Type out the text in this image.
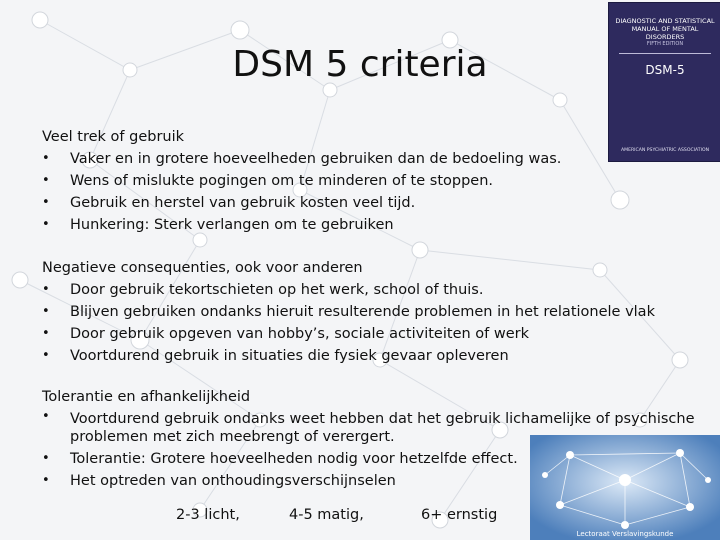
DSM 5 criteria
DIAGNOSTIC AND STATISTICAL MANUAL OF MENTAL DISORDERS
FIFTH EDITION
DSM-5
AMERICAN PSYCHIATRIC ASSOCIATION
Veel trek of gebruik
• Vaker en in grotere hoeveelheden gebruiken dan de bedoeling was.
• Wens of mislukte pogingen om te minderen of te stoppen.
• Gebruik en herstel van gebruik kosten veel tijd.
• Hunkering: Sterk verlangen om te gebruiken
Negatieve consequenties, ook voor anderen
• Door gebruik tekortschieten op het werk, school of thuis.
• Blijven gebruiken ondanks hieruit resulterende problemen in het relationele vlak
• Door gebruik opgeven van hobby’s, sociale activiteiten of werk
• Voortdurend gebruik in situaties die fysiek gevaar opleveren
Tolerantie en afhankelijkheid
• Voortdurend gebruik ondanks weet hebben dat het gebruik lichamelijke of psychische problemen met zich meebrengt of verergert.
• Tolerantie: Grotere hoeveelheden nodig voor hetzelfde effect.
• Het optreden van onthoudingsverschijnselen
2-3 licht,	4-5 matig,	6+ ernstig
Lectoraat Verslavingskunde
